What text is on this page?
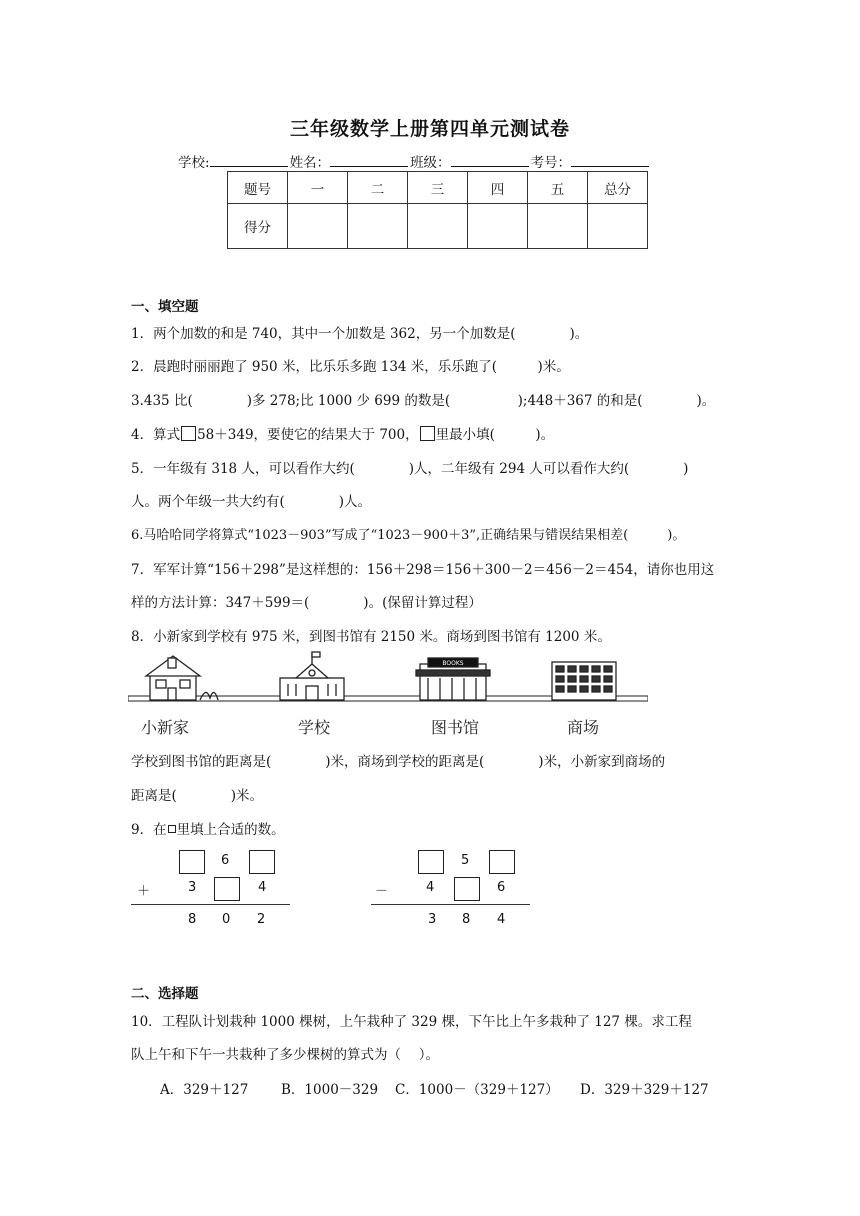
三年级数学上册第四单元测试卷
学校:	姓名：	班级：	考号：
题号	一	二	三	四	五	总分
得分						
一、填空题
1．两个加数的和是 740，其中一个加数是 362，另一个加数是(　　　　)。
2．晨跑时丽丽跑了 950 米，比乐乐多跑 134 米，乐乐跑了(　　　)米。
3.435 比(　　　　)多 278;比 1000 少 699 的数是(　　　　　);448＋367 的和是(　　　　)。
4．算式 58＋349，要使它的结果大于 700， 里最小填(　　　)。
5．一年级有 318 人，可以看作大约(　　　　)人，二年级有 294 人可以看作大约(　　　　)
人。两个年级一共大约有(　　　　)人。
6.马哈哈同学将算式“1023－903”写成了“1023－900＋3”,正确结果与错误结果相差(　　　)。
7．军军计算“156＋298”是这样想的：156＋298＝156＋300－2＝456－2＝454，请你也用这
样的方法计算：347＋599＝(　　　　)。(保留计算过程）
8．小新家到学校有 975 米，到图书馆有 2150 米。商场到图书馆有 1200 米。
BOOKS
小新家	学校	图书馆	商场
学校到图书馆的距离是(　　　　)米，商场到学校的距离是(　　　　)米，小新家到商场的
距离是(　　　　)米。
9．在 里填上合适的数。
6
＋	3	4
8 0 2
5
－	4	6
3 8 4
二、选择题
10．工程队计划栽种 1000 棵树，上午栽种了 329 棵，下午比上午多栽种了 127 棵。求工程
队上午和下午一共栽种了多少棵树的算式为（　 ）。
A．329＋127 B．1000－329 C．1000－（329＋127） D．329＋329＋127
